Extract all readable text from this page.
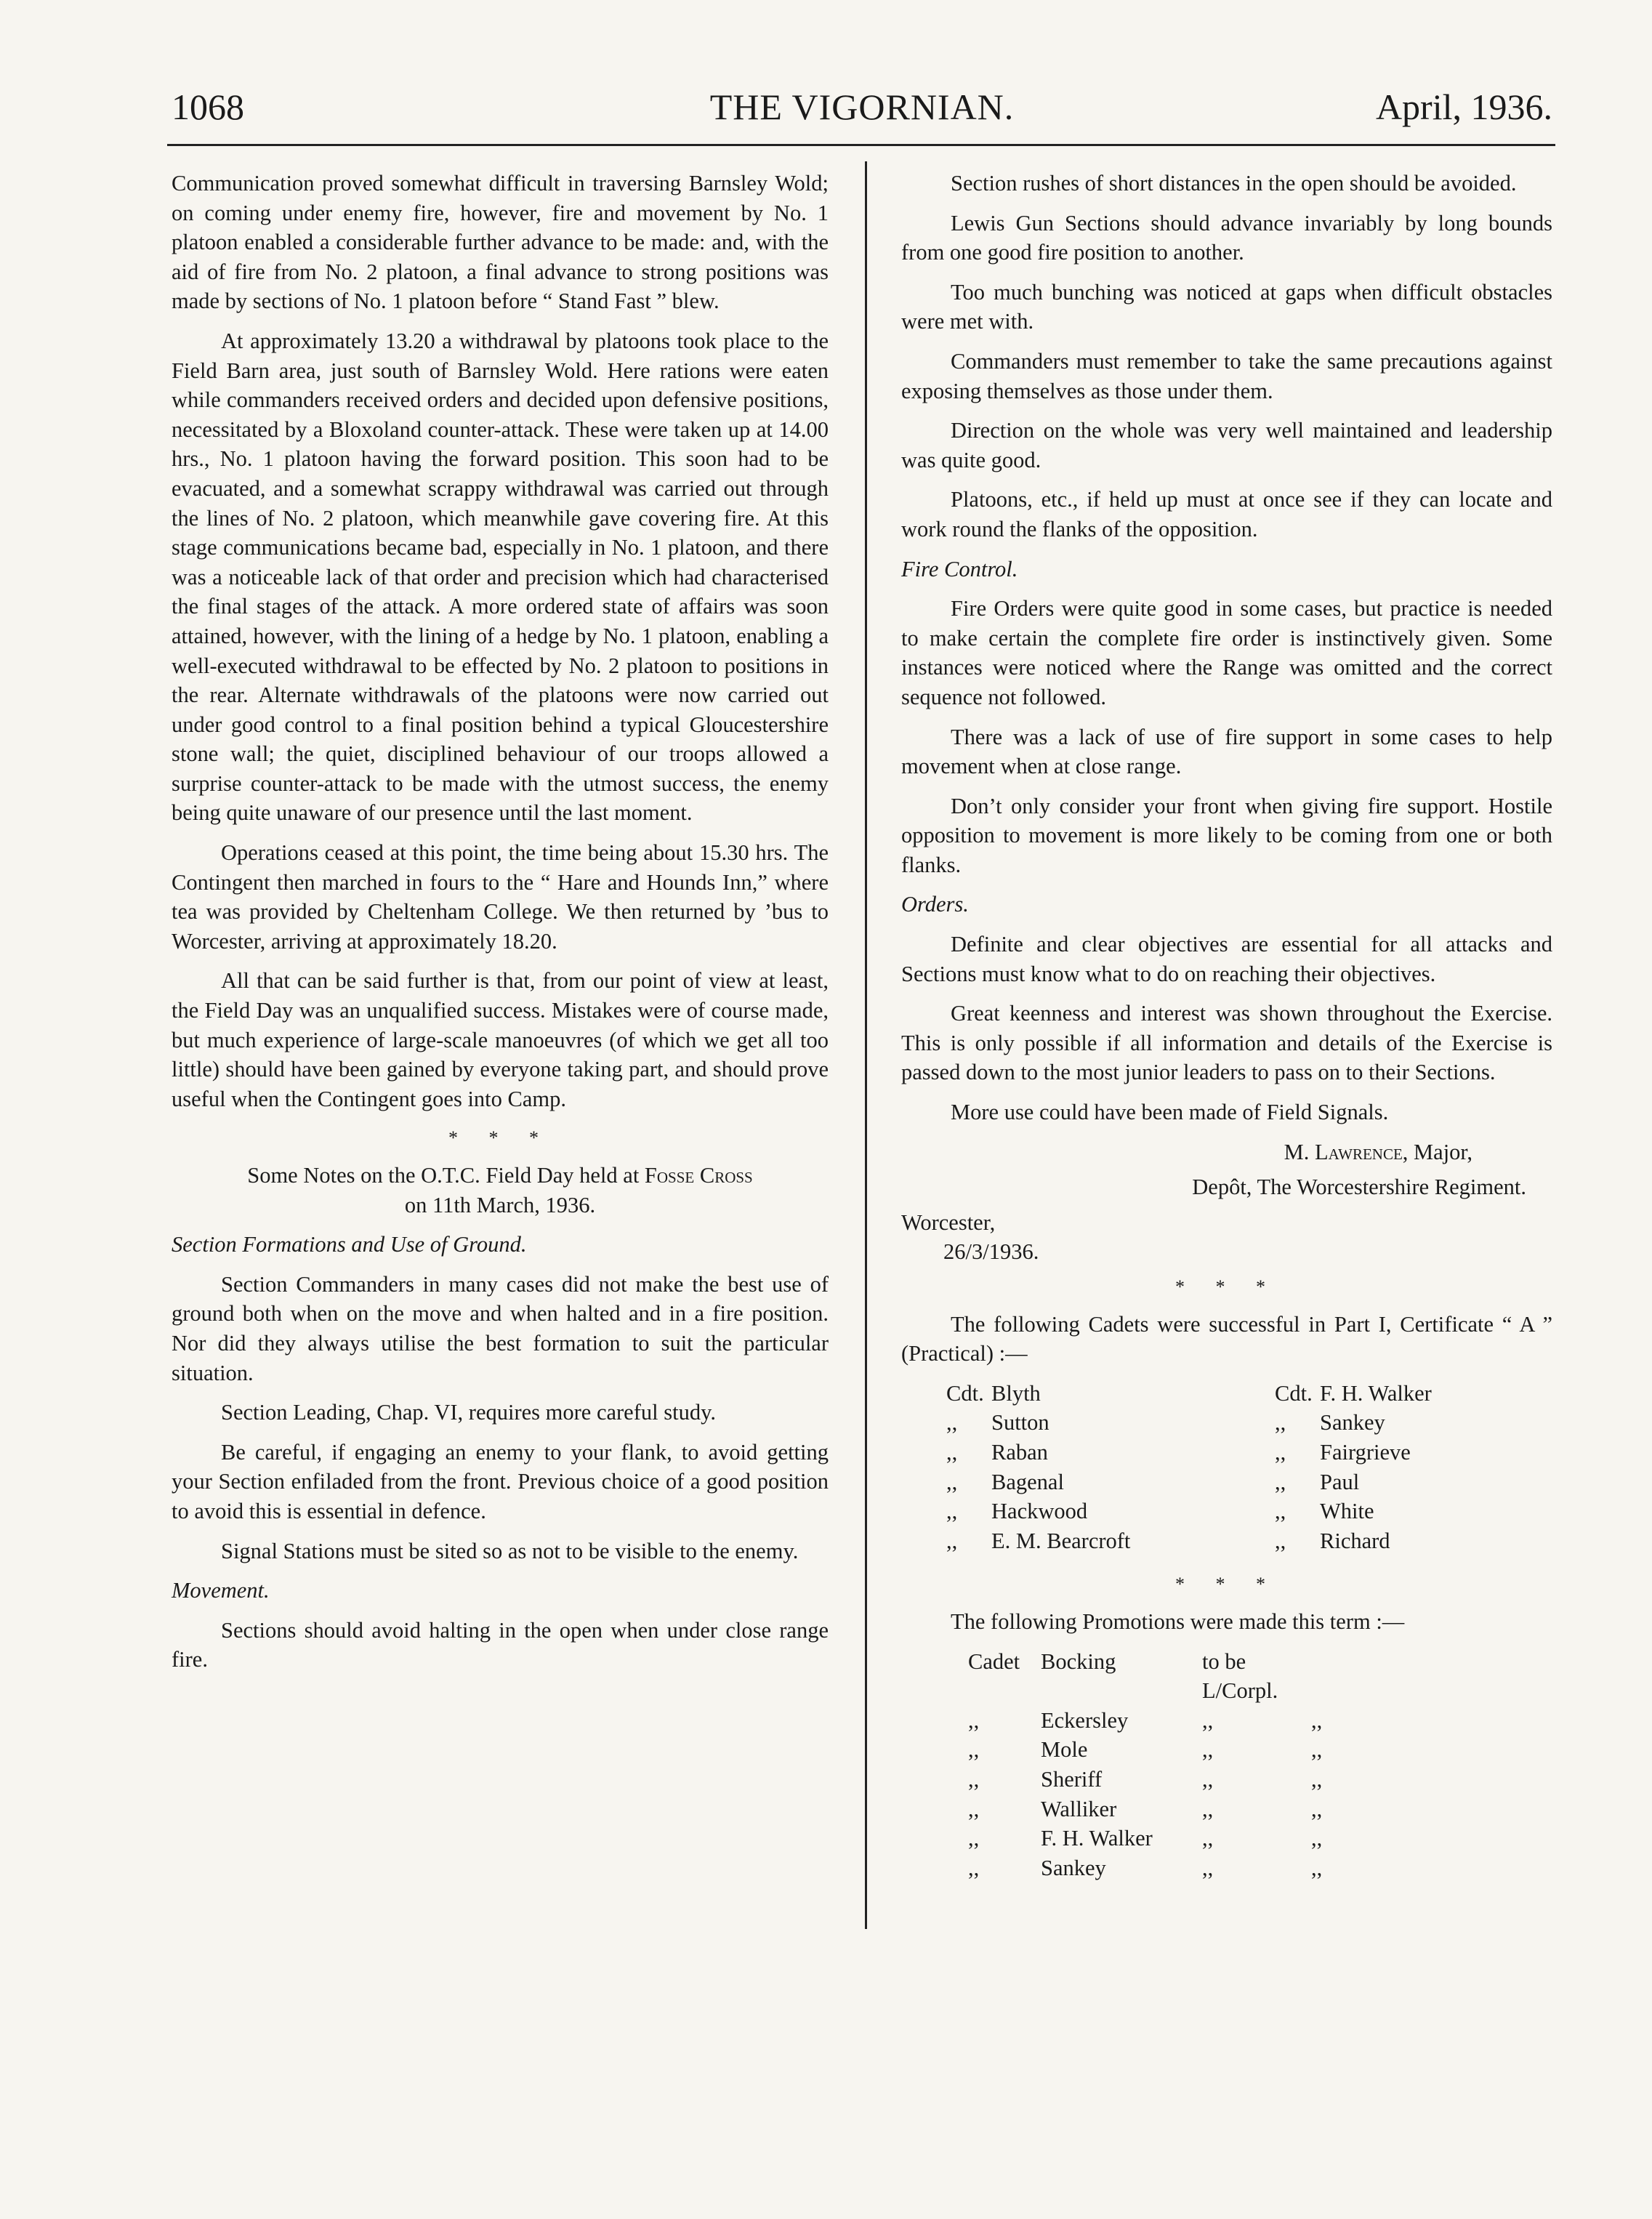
1068	THE VIGORNIAN.	April, 1936.

Communication proved somewhat difficult in traversing Barnsley Wold; on coming under enemy fire, however, fire and movement by No. 1 platoon enabled a considerable further advance to be made: and, with the aid of fire from No. 2 platoon, a final advance to strong positions was made by sections of No. 1 platoon before “ Stand Fast ” blew.

At approximately 13.20 a withdrawal by platoons took place to the Field Barn area, just south of Barnsley Wold. Here rations were eaten while commanders received orders and decided upon defensive positions, necessitated by a Bloxoland counter-attack. These were taken up at 14.00 hrs., No. 1 platoon having the forward position. This soon had to be evacuated, and a somewhat scrappy withdrawal was carried out through the lines of No. 2 platoon, which meanwhile gave covering fire. At this stage communications became bad, especially in No. 1 platoon, and there was a noticeable lack of that order and precision which had characterised the final stages of the attack. A more ordered state of affairs was soon attained, however, with the lining of a hedge by No. 1 platoon, enabling a well-executed withdrawal to be effected by No. 2 platoon to positions in the rear. Alternate withdrawals of the platoons were now carried out under good control to a final position behind a typical Gloucestershire stone wall; the quiet, disciplined behaviour of our troops allowed a surprise counter-attack to be made with the utmost success, the enemy being quite unaware of our presence until the last moment.

Operations ceased at this point, the time being about 15.30 hrs. The Contingent then marched in fours to the “ Hare and Hounds Inn,” where tea was provided by Cheltenham College. We then returned by ’bus to Worcester, arriving at approximately 18.20.

All that can be said further is that, from our point of view at least, the Field Day was an unqualified success. Mistakes were of course made, but much experience of large-scale manoeuvres (of which we get all too little) should have been gained by everyone taking part, and should prove useful when the Contingent goes into Camp.

* * *

Some Notes on the O.T.C. Field Day held at Fosse Cross
on 11th March, 1936.

Section Formations and Use of Ground.

Section Commanders in many cases did not make the best use of ground both when on the move and when halted and in a fire position. Nor did they always utilise the best formation to suit the particular situation.

Section Leading, Chap. VI, requires more careful study.

Be careful, if engaging an enemy to your flank, to avoid getting your Section enfiladed from the front. Previous choice of a good position to avoid this is essential in defence.

Signal Stations must be sited so as not to be visible to the enemy.

Movement.

Sections should avoid halting in the open when under close range fire.

Section rushes of short distances in the open should be avoided.

Lewis Gun Sections should advance invariably by long bounds from one good fire position to another.

Too much bunching was noticed at gaps when difficult obstacles were met with.

Commanders must remember to take the same precautions against exposing themselves as those under them.

Direction on the whole was very well maintained and leadership was quite good.

Platoons, etc., if held up must at once see if they can locate and work round the flanks of the opposition.

Fire Control.

Fire Orders were quite good in some cases, but practice is needed to make certain the complete fire order is instinctively given. Some instances were noticed where the Range was omitted and the correct sequence not followed.

There was a lack of use of fire support in some cases to help movement when at close range.

Don’t only consider your front when giving fire support. Hostile opposition to movement is more likely to be coming from one or both flanks.

Orders.

Definite and clear objectives are essential for all attacks and Sections must know what to do on reaching their objectives.

Great keenness and interest was shown throughout the Exercise. This is only possible if all information and details of the Exercise is passed down to the most junior leaders to pass on to their Sections.

More use could have been made of Field Signals.

M. Lawrence, Major,
Depôt, The Worcestershire Regiment.
Worcester,
26/3/1936.
* * *

The following Cadets were successful in Part I, Certificate “ A ” (Practical) :—

Cdt.	Blyth	Cdt.	F. H. Walker
,,	Sutton	,,	Sankey
,,	Raban	,,	Fairgrieve
,,	Bagenal	,,	Paul
,,	Hackwood	,,	White
,,	E. M. Bearcroft	,,	Richard
* * *

The following Promotions were made this term :—

Cadet	Bocking	to be L/Corpl.	
,,	Eckersley	,,	,,
,,	Mole	,,	,,
,,	Sheriff	,,	,,
,,	Walliker	,,	,,
,,	F. H. Walker	,,	,,
,,	Sankey	,,	,,
